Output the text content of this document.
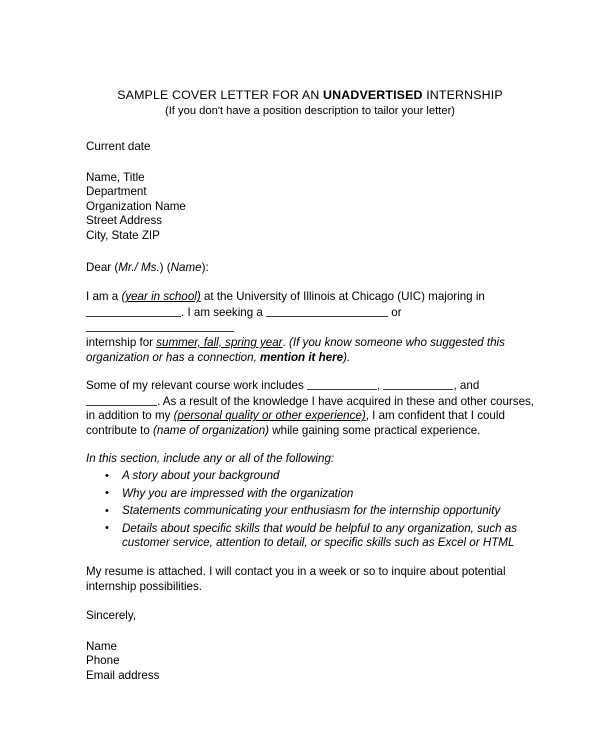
SAMPLE COVER LETTER FOR AN UNADVERTISED INTERNSHIP
(If you don't have a position description to tailor your letter)
Current date
Name, Title
Department
Organization Name
Street Address
City, State ZIP
Dear (Mr./ Ms.) (Name):
I am a (year in school) at the University of Illinois at Chicago (UIC) majoring in
. I am seeking a	or
internship for summer, fall, spring year. (If you know someone who suggested this organization or has a connection, mention it here).
Some of my relevant course work includes	,	, and
. As a result of the knowledge I have acquired in these and other courses, in addition to my (personal quality or other experience), I am confident that I could contribute to (name of organization) while gaining some practical experience.
In this section, include any or all of the following:
• A story about your background
• Why you are impressed with the organization
• Statements communicating your enthusiasm for the internship opportunity
• Details about specific skills that would be helpful to any organization, such as customer service, attention to detail, or specific skills such as Excel or HTML
My resume is attached. I will contact you in a week or so to inquire about potential internship possibilities.
Sincerely,
Name
Phone
Email address
